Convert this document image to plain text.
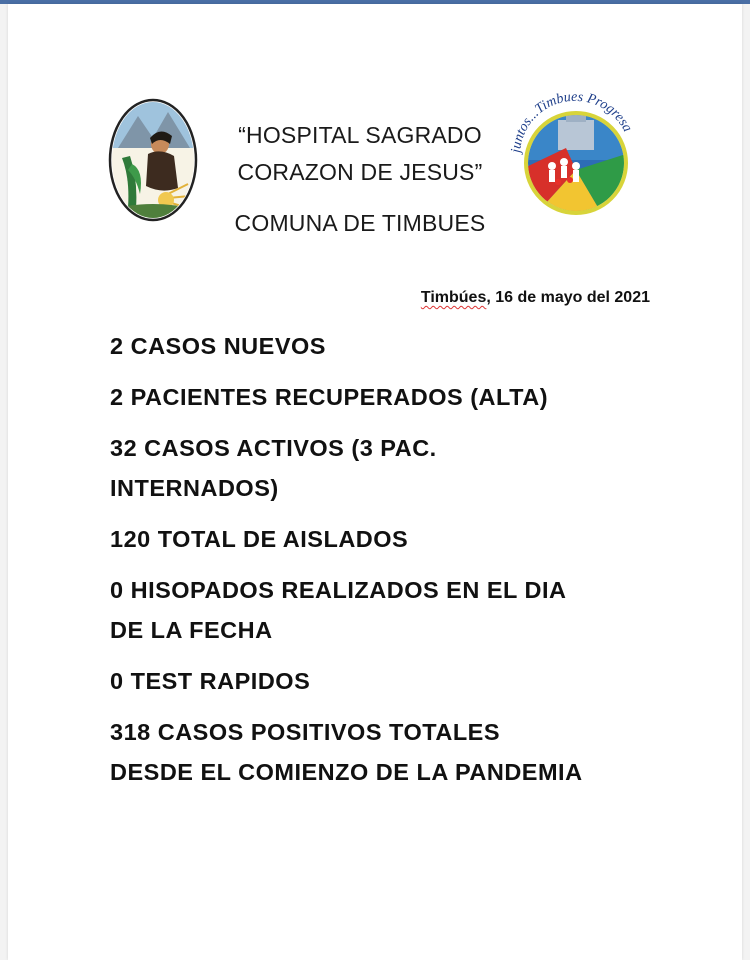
juntos...Timbues Progresa
“HOSPITAL SAGRADO
CORAZON DE JESUS”
COMUNA DE TIMBUES
Timbúes, 16 de mayo del 2021
2 CASOS NUEVOS
2 PACIENTES RECUPERADOS (ALTA)
32 CASOS ACTIVOS (3 PAC.
INTERNADOS)
120 TOTAL DE AISLADOS
0 HISOPADOS REALIZADOS EN EL DIA
DE LA FECHA
0 TEST RAPIDOS
318 CASOS POSITIVOS TOTALES
DESDE EL COMIENZO DE LA PANDEMIA
